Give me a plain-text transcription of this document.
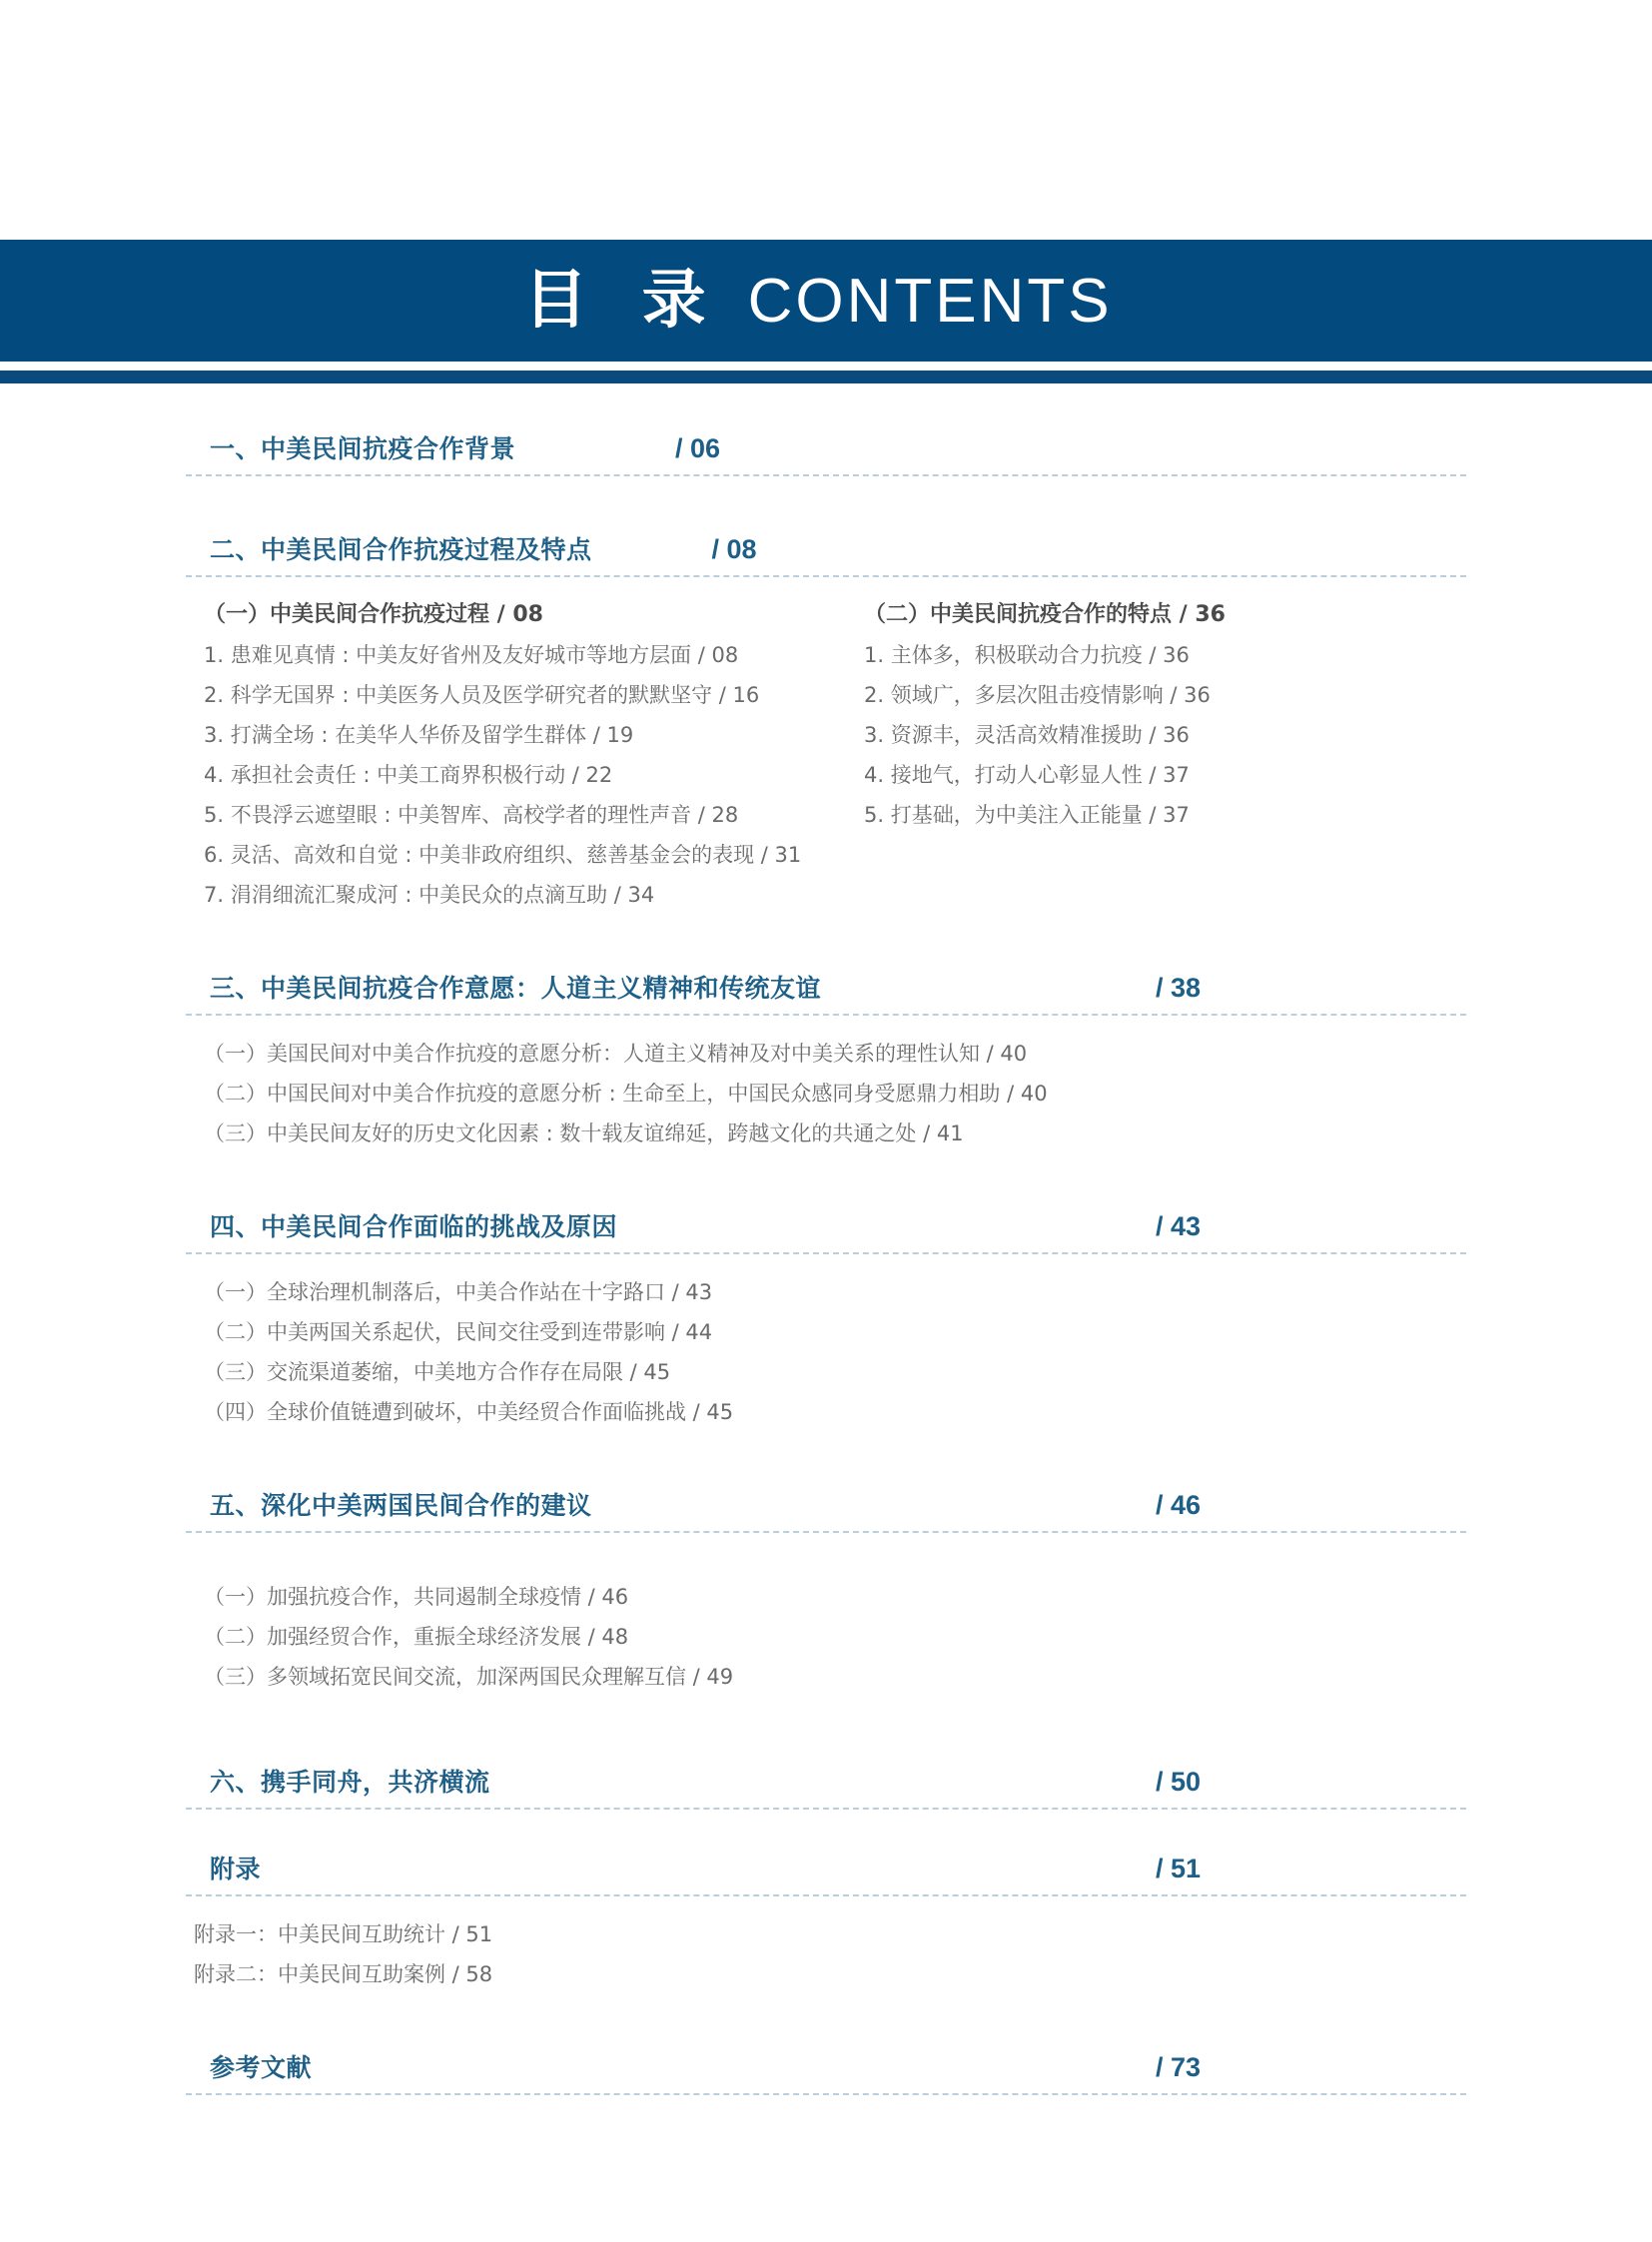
目 录 CONTENTS
一、中美民间抗疫合作背景	/ 06
二、中美民间合作抗疫过程及特点	/ 08
（一）中美民间合作抗疫过程 / 08
1. 患难见真情 : 中美友好省州及友好城市等地方层面 / 08
2. 科学无国界 : 中美医务人员及医学研究者的默默坚守 / 16
3. 打满全场 : 在美华人华侨及留学生群体 / 19
4. 承担社会责任 : 中美工商界积极行动 / 22
5. 不畏浮云遮望眼 : 中美智库、高校学者的理性声音 / 28
6. 灵活、高效和自觉 : 中美非政府组织、慈善基金会的表现 / 31
7. 涓涓细流汇聚成河 : 中美民众的点滴互助 / 34
（二）中美民间抗疫合作的特点 / 36
1. 主体多，积极联动合力抗疫 / 36
2. 领域广，多层次阻击疫情影响 / 36
3. 资源丰，灵活高效精准援助 / 36
4. 接地气，打动人心彰显人性 / 37
5. 打基础，为中美注入正能量 / 37
三、中美民间抗疫合作意愿：人道主义精神和传统友谊	/ 38
（一）美国民间对中美合作抗疫的意愿分析：人道主义精神及对中美关系的理性认知 / 40
（二）中国民间对中美合作抗疫的意愿分析 : 生命至上，中国民众感同身受愿鼎力相助 / 40
（三）中美民间友好的历史文化因素 : 数十载友谊绵延，跨越文化的共通之处 / 41
四、中美民间合作面临的挑战及原因	/ 43
（一）全球治理机制落后，中美合作站在十字路口 / 43
（二）中美两国关系起伏，民间交往受到连带影响 / 44
（三）交流渠道萎缩，中美地方合作存在局限 / 45
（四）全球价值链遭到破坏，中美经贸合作面临挑战 / 45
五、深化中美两国民间合作的建议	/ 46
（一）加强抗疫合作，共同遏制全球疫情 / 46
（二）加强经贸合作，重振全球经济发展 / 48
（三）多领域拓宽民间交流，加深两国民众理解互信 / 49
六、携手同舟，共济横流	/ 50
附录	/ 51
附录一：中美民间互助统计 / 51
附录二：中美民间互助案例 / 58
参考文献	/ 73
